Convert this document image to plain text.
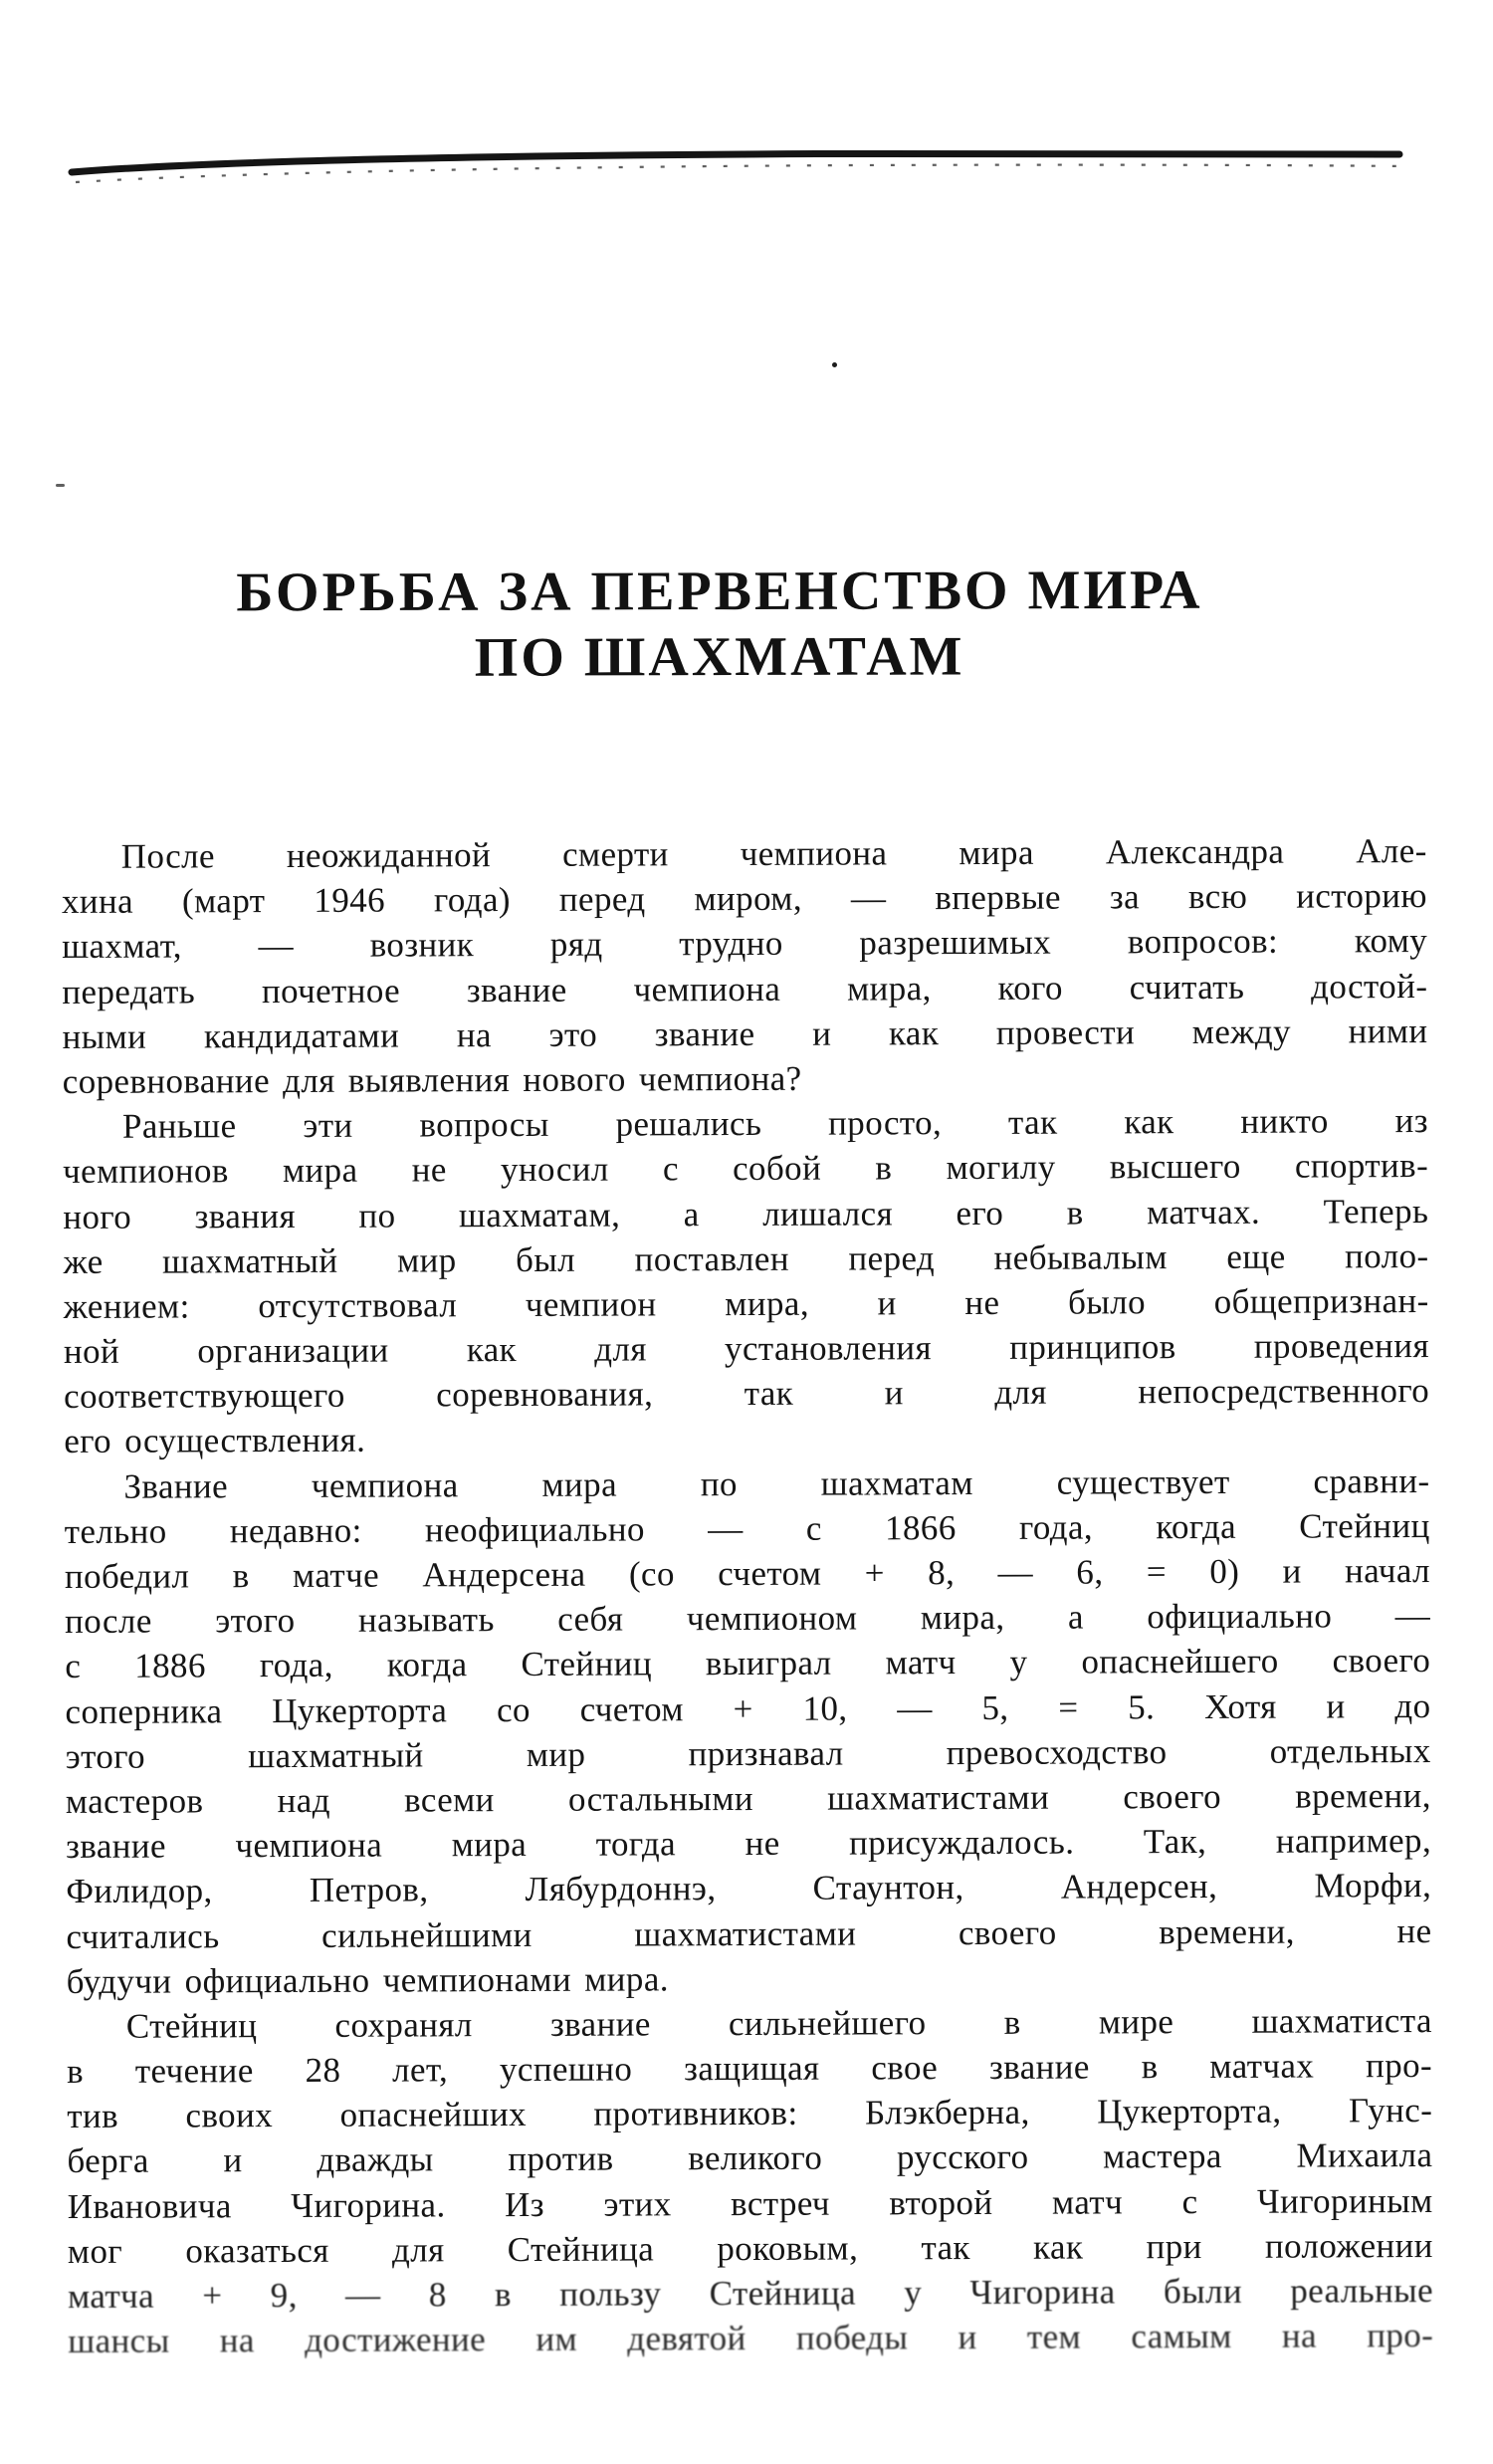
БОРЬБА ЗА ПЕРВЕНСТВО МИРА
ПО ШАХМАТАМ
После неожиданной смерти чемпиона мира Александра Але-
хина (март 1946 года) перед миром, — впервые за всю историю
шахмат, — возник ряд трудно разрешимых вопросов: кому
передать почетное звание чемпиона мира, кого считать достой-
ными кандидатами на это звание и как провести между ними
соревнование для выявления нового чемпиона?
Раньше эти вопросы решались просто, так как никто из
чемпионов мира не уносил с собой в могилу высшего спортив-
ного звания по шахматам, а лишался его в матчах. Теперь
же шахматный мир был поставлен перед небывалым еще поло-
жением: отсутствовал чемпион мира, и не было общепризнан-
ной организации как для установления принципов проведения
соответствующего соревнования, так и для непосредственного
его осуществления.
Звание чемпиона мира по шахматам существует сравни-
тельно недавно: неофициально — с 1866 года, когда Стейниц
победил в матче Андерсена (со счетом + 8, — 6, = 0) и начал
после этого называть себя чемпионом мира, а официально —
с 1886 года, когда Стейниц выиграл матч у опаснейшего своего
соперника Цукерторта со счетом + 10, — 5, = 5. Хотя и до
этого шахматный мир признавал превосходство отдельных
мастеров над всеми остальными шахматистами своего времени,
звание чемпиона мира тогда не присуждалось. Так, например,
Филидор, Петров, Лябурдоннэ, Стаунтон, Андерсен, Морфи,
считались сильнейшими шахматистами своего времени, не
будучи официально чемпионами мира.
Стейниц сохранял звание сильнейшего в мире шахматиста
в течение 28 лет, успешно защищая свое звание в матчах про-
тив своих опаснейших противников: Блэкберна, Цукерторта, Гунс-
берга и дважды против великого русского мастера Михаила
Ивановича Чигорина. Из этих встреч второй матч с Чигориным
мог оказаться для Стейница роковым, так как при положении
матча + 9, — 8 в пользу Стейница у Чигорина были реальные
шансы на достижение им девятой победы и тем самым на про-
